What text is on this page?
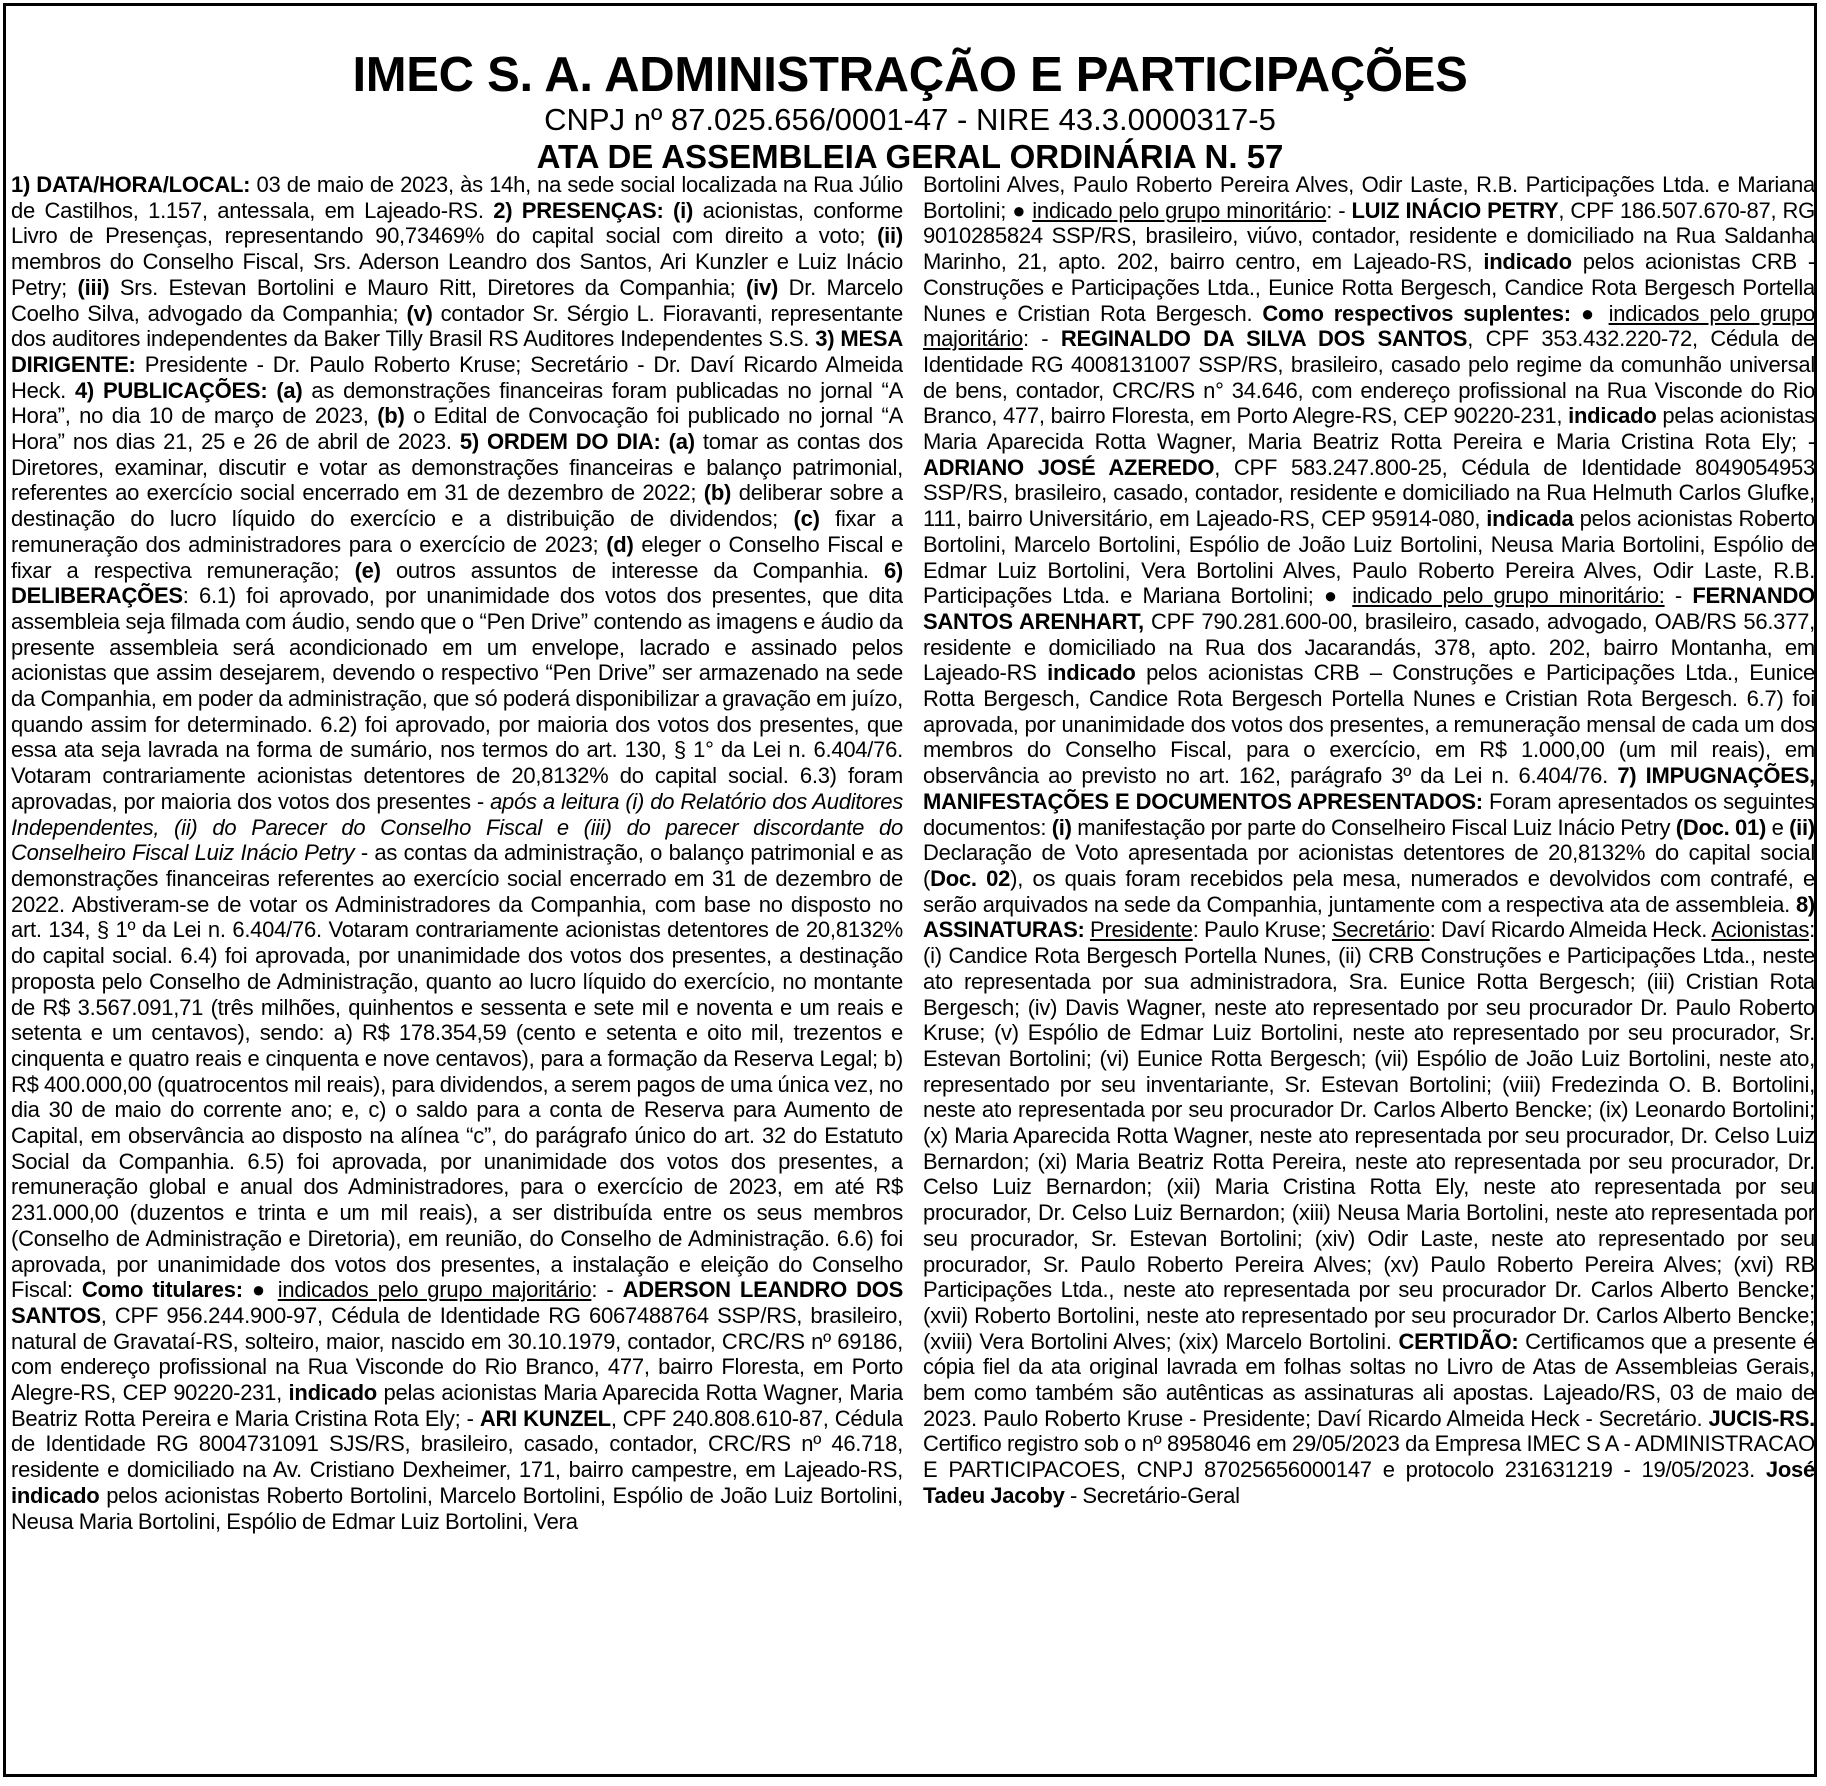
IMEC S. A. ADMINISTRAÇÃO E PARTICIPAÇÕES
CNPJ nº 87.025.656/0001-47 - NIRE 43.3.0000317-5
ATA DE ASSEMBLEIA GERAL ORDINÁRIA N. 57

1) DATA/HORA/LOCAL: 03 de maio de 2023, às 14h, na sede social localizada na Rua Júlio de Castilhos, 1.157, antessala, em Lajeado-RS. 2) PRESENÇAS: (i) acionistas, conforme Livro de Presenças, representando 90,73469% do capital social com direito a voto; (ii) membros do Conselho Fiscal, Srs. Aderson Leandro dos Santos, Ari Kunzler e Luiz Inácio Petry; (iii) Srs. Estevan Bortolini e Mauro Ritt, Diretores da Companhia; (iv) Dr. Marcelo Coelho Silva, advogado da Companhia; (v) contador Sr. Sérgio L. Fioravanti, representante dos auditores independentes da Baker Tilly Brasil RS Auditores Independentes S.S. 3) MESA DIRIGENTE: Presidente - Dr. Paulo Roberto Kruse; Secretário - Dr. Daví Ricardo Almeida Heck. 4) PUBLICAÇÕES: (a) as demonstrações financeiras foram publicadas no jornal “A Hora”, no dia 10 de março de 2023, (b) o Edital de Convocação foi publicado no jornal “A Hora” nos dias 21, 25 e 26 de abril de 2023. 5) ORDEM DO DIA: (a) tomar as contas dos Diretores, examinar, discutir e votar as demonstrações financeiras e balanço patrimonial, referentes ao exercício social encerrado em 31 de dezembro de 2022; (b) deliberar sobre a destinação do lucro líquido do exercício e a distribuição de dividendos; (c) fixar a remuneração dos administradores para o exercício de 2023; (d) eleger o Conselho Fiscal e fixar a respectiva remuneração; (e) outros assuntos de interesse da Companhia. 6) DELIBERAÇÕES: 6.1) foi aprovado, por unanimidade dos votos dos presentes, que dita assembleia seja filmada com áudio, sendo que o “Pen Drive” contendo as imagens e áudio da presente assembleia será acondicionado em um envelope, lacrado e assinado pelos acionistas que assim desejarem, devendo o respectivo “Pen Drive” ser armazenado na sede da Companhia, em poder da administração, que só poderá disponibilizar a gravação em juízo, quando assim for determinado. 6.2) foi aprovado, por maioria dos votos dos presentes, que essa ata seja lavrada na forma de sumário, nos termos do art. 130, § 1° da Lei n. 6.404/76. Votaram contrariamente acionistas detentores de 20,8132% do capital social. 6.3) foram aprovadas, por maioria dos votos dos presentes - após a leitura (i) do Relatório dos Auditores Independentes, (ii) do Parecer do Conselho Fiscal e (iii) do parecer discordante do Conselheiro Fiscal Luiz Inácio Petry - as contas da administração, o balanço patrimonial e as demonstrações financeiras referentes ao exercício social encerrado em 31 de dezembro de 2022. Abstiveram-se de votar os Administradores da Companhia, com base no disposto no art. 134, § 1º da Lei n. 6.404/76. Votaram contrariamente acionistas detentores de 20,8132% do capital social. 6.4) foi aprovada, por unanimidade dos votos dos presentes, a destinação proposta pelo Conselho de Administração, quanto ao lucro líquido do exercício, no montante de R$ 3.567.091,71 (três milhões, quinhentos e sessenta e sete mil e noventa e um reais e setenta e um centavos), sendo: a) R$ 178.354,59 (cento e setenta e oito mil, trezentos e cinquenta e quatro reais e cinquenta e nove centavos), para a formação da Reserva Legal; b) R$ 400.000,00 (quatrocentos mil reais), para dividendos, a serem pagos de uma única vez, no dia 30 de maio do corrente ano; e, c) o saldo para a conta de Reserva para Aumento de Capital, em observância ao disposto na alínea “c”, do parágrafo único do art. 32 do Estatuto Social da Companhia. 6.5) foi aprovada, por unanimidade dos votos dos presentes, a remuneração global e anual dos Administradores, para o exercício de 2023, em até R$ 231.000,00 (duzentos e trinta e um mil reais), a ser distribuída entre os seus membros (Conselho de Administração e Diretoria), em reunião, do Conselho de Administração. 6.6) foi aprovada, por unanimidade dos votos dos presentes, a instalação e eleição do Conselho Fiscal: Como titulares: ● indicados pelo grupo majoritário: - ADERSON LEANDRO DOS SANTOS, CPF 956.244.900-97, Cédula de Identidade RG 6067488764 SSP/RS, brasileiro, natural de Gravataí-RS, solteiro, maior, nascido em 30.10.1979, contador, CRC/RS nº 69186, com endereço profissional na Rua Visconde do Rio Branco, 477, bairro Floresta, em Porto Alegre-RS, CEP 90220-231, indicado pelas acionistas Maria Aparecida Rotta Wagner, Maria Beatriz Rotta Pereira e Maria Cristina Rota Ely; - ARI KUNZEL, CPF 240.808.610-87, Cédula de Identidade RG 8004731091 SJS/RS, brasileiro, casado, contador, CRC/RS nº 46.718, residente e domiciliado na Av. Cristiano Dexheimer, 171, bairro campestre, em Lajeado-RS, indicado pelos acionistas Roberto Bortolini, Marcelo Bortolini, Espólio de João Luiz Bortolini, Neusa Maria Bortolini, Espólio de Edmar Luiz Bortolini, Vera

Bortolini Alves, Paulo Roberto Pereira Alves, Odir Laste, R.B. Participações Ltda. e Mariana Bortolini; ● indicado pelo grupo minoritário: - LUIZ INÁCIO PETRY, CPF 186.507.670-87, RG 9010285824 SSP/RS, brasileiro, viúvo, contador, residente e domiciliado na Rua Saldanha Marinho, 21, apto. 202, bairro centro, em Lajeado-RS, indicado pelos acionistas CRB - Construções e Participações Ltda., Eunice Rotta Bergesch, Candice Rota Bergesch Portella Nunes e Cristian Rota Bergesch. Como respectivos suplentes: ● indicados pelo grupo majoritário: - REGINALDO DA SILVA DOS SANTOS, CPF 353.432.220-72, Cédula de Identidade RG 4008131007 SSP/RS, brasileiro, casado pelo regime da comunhão universal de bens, contador, CRC/RS n° 34.646, com endereço profissional na Rua Visconde do Rio Branco, 477, bairro Floresta, em Porto Alegre-RS, CEP 90220-231, indicado pelas acionistas Maria Aparecida Rotta Wagner, Maria Beatriz Rotta Pereira e Maria Cristina Rota Ely; - ADRIANO JOSÉ AZEREDO, CPF 583.247.800-25, Cédula de Identidade 8049054953 SSP/RS, brasileiro, casado, contador, residente e domiciliado na Rua Helmuth Carlos Glufke, 111, bairro Universitário, em Lajeado-RS, CEP 95914-080, indicada pelos acionistas Roberto Bortolini, Marcelo Bortolini, Espólio de João Luiz Bortolini, Neusa Maria Bortolini, Espólio de Edmar Luiz Bortolini, Vera Bortolini Alves, Paulo Roberto Pereira Alves, Odir Laste, R.B. Participações Ltda. e Mariana Bortolini; ● indicado pelo grupo minoritário: - FERNANDO SANTOS ARENHART, CPF 790.281.600-00, brasileiro, casado, advogado, OAB/RS 56.377, residente e domiciliado na Rua dos Jacarandás, 378, apto. 202, bairro Montanha, em Lajeado-RS indicado pelos acionistas CRB – Construções e Participações Ltda., Eunice Rotta Bergesch, Candice Rota Bergesch Portella Nunes e Cristian Rota Bergesch. 6.7) foi aprovada, por unanimidade dos votos dos presentes, a remuneração mensal de cada um dos membros do Conselho Fiscal, para o exercício, em R$ 1.000,00 (um mil reais), em observância ao previsto no art. 162, parágrafo 3º da Lei n. 6.404/76. 7) IMPUGNAÇÕES, MANIFESTAÇÕES E DOCUMENTOS APRESENTADOS: Foram apresentados os seguintes documentos: (i) manifestação por parte do Conselheiro Fiscal Luiz Inácio Petry (Doc. 01) e (ii) Declaração de Voto apresentada por acionistas detentores de 20,8132% do capital social (Doc. 02), os quais foram recebidos pela mesa, numerados e devolvidos com contrafé, e serão arquivados na sede da Companhia, juntamente com a respectiva ata de assembleia. 8) ASSINATURAS: Presidente: Paulo Kruse; Secretário: Daví Ricardo Almeida Heck. Acionistas: (i) Candice Rota Bergesch Portella Nunes, (ii) CRB Construções e Participações Ltda., neste ato representada por sua administradora, Sra. Eunice Rotta Bergesch; (iii) Cristian Rota Bergesch; (iv) Davis Wagner, neste ato representado por seu procurador Dr. Paulo Roberto Kruse; (v) Espólio de Edmar Luiz Bortolini, neste ato representado por seu procurador, Sr. Estevan Bortolini; (vi) Eunice Rotta Bergesch; (vii) Espólio de João Luiz Bortolini, neste ato, representado por seu inventariante, Sr. Estevan Bortolini; (viii) Fredezinda O. B. Bortolini, neste ato representada por seu procurador Dr. Carlos Alberto Bencke; (ix) Leonardo Bortolini; (x) Maria Aparecida Rotta Wagner, neste ato representada por seu procurador, Dr. Celso Luiz Bernardon; (xi) Maria Beatriz Rotta Pereira, neste ato representada por seu procurador, Dr. Celso Luiz Bernardon; (xii) Maria Cristina Rotta Ely, neste ato representada por seu procurador, Dr. Celso Luiz Bernardon; (xiii) Neusa Maria Bortolini, neste ato representada por seu procurador, Sr. Estevan Bortolini; (xiv) Odir Laste, neste ato representado por seu procurador, Sr. Paulo Roberto Pereira Alves; (xv) Paulo Roberto Pereira Alves; (xvi) RB Participações Ltda., neste ato representada por seu procurador Dr. Carlos Alberto Bencke; (xvii) Roberto Bortolini, neste ato representado por seu procurador Dr. Carlos Alberto Bencke; (xviii) Vera Bortolini Alves; (xix) Marcelo Bortolini. CERTIDÃO: Certificamos que a presente é cópia fiel da ata original lavrada em folhas soltas no Livro de Atas de Assembleias Gerais, bem como também são autênticas as assinaturas ali apostas. Lajeado/RS, 03 de maio de 2023. Paulo Roberto Kruse - Presidente; Daví Ricardo Almeida Heck - Secretário. JUCIS-RS. Certifico registro sob o nº 8958046 em 29/05/2023 da Empresa IMEC S A - ADMINISTRACAO E PARTICIPACOES, CNPJ 87025656000147 e protocolo 231631219 - 19/05/2023. José Tadeu Jacoby - Secretário-Geral
